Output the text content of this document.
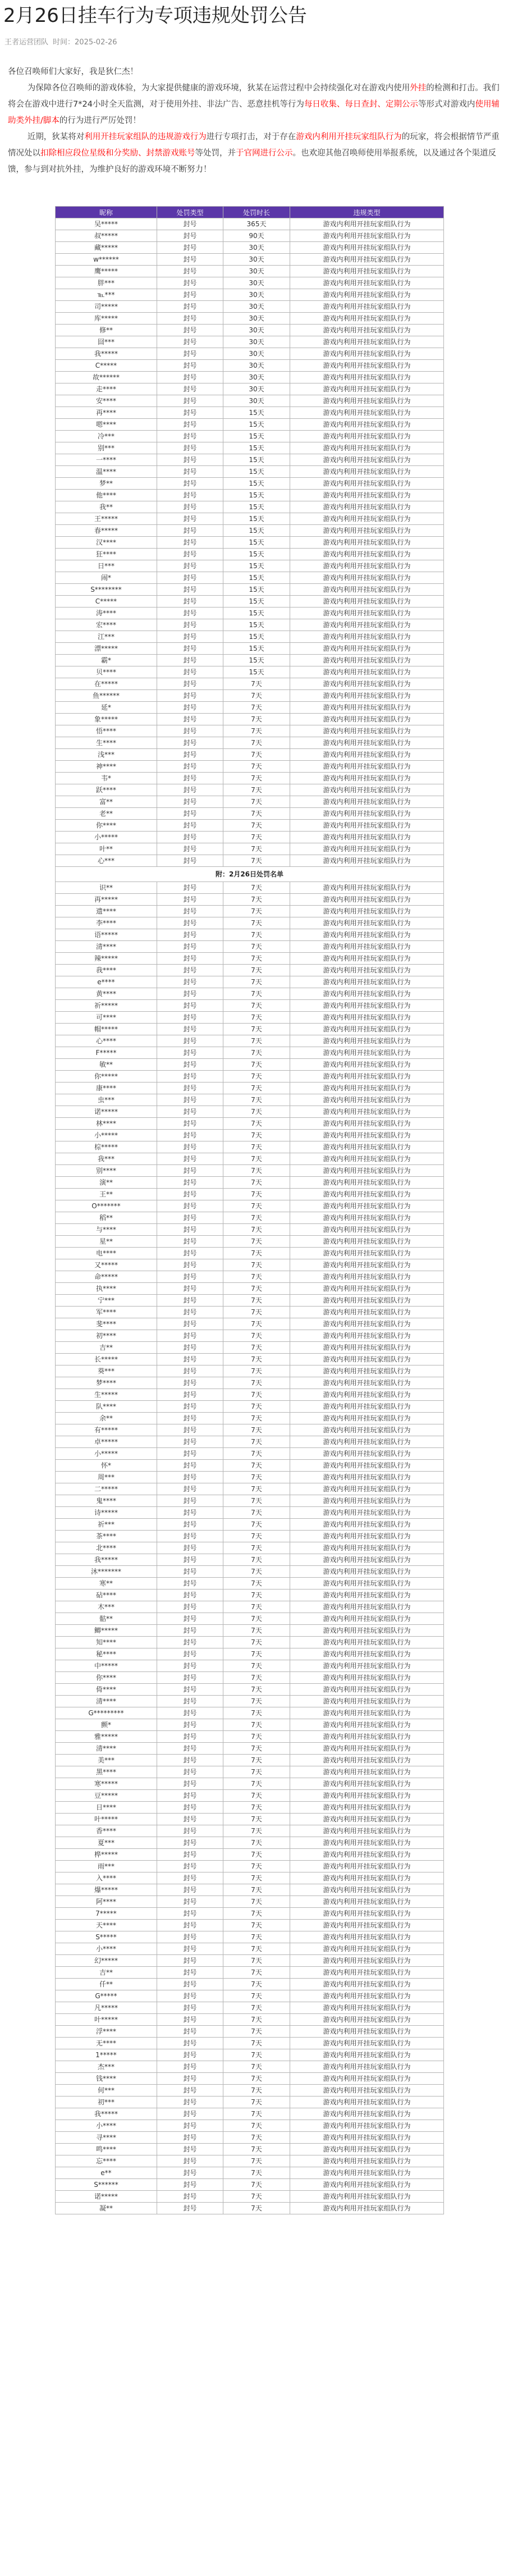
2月26日挂车行为专项违规处罚公告
王者运营团队 时间：2025-02-26

各位召唤师们大家好，我是狄仁杰！

为保障各位召唤师的游戏体验，为大家提供健康的游戏环境，狄某在运营过程中会持续强化对在游戏内使用外挂的检测和打击。我们将会在游戏中进行7*24小时全天监测，对于使用外挂、非法广告、恶意挂机等行为每日收集、每日查封、定期公示等形式对游戏内使用辅助类外挂/脚本的行为进行严厉处罚！

近期，狄某将对利用开挂玩家组队的违规游戏行为进行专项打击，对于存在游戏内利用开挂玩家组队行为的玩家，将会根据情节严重情况处以扣除相应段位星级和分奖励、封禁游戏账号等处罚，并于官网进行公示。也欢迎其他召唤师使用举报系统，以及通过各个渠道反馈，参与到对抗外挂，为维护良好的游戏环境不断努力！

昵称	处罚类型	处罚时长	违规类型
吴*****	封号	365天	游戏内利用开挂玩家组队行为
叔*****	封号	90天	游戏内利用开挂玩家组队行为
藏*****	封号	30天	游戏内利用开挂玩家组队行为
w******	封号	30天	游戏内利用开挂玩家组队行为
鹰*****	封号	30天	游戏内利用开挂玩家组队行为
胖***	封号	30天	游戏内利用开挂玩家组队行为
℡***	封号	30天	游戏内利用开挂玩家组队行为
司*****	封号	30天	游戏内利用开挂玩家组队行为
库*****	封号	30天	游戏内利用开挂玩家组队行为
修**	封号	30天	游戏内利用开挂玩家组队行为
囧***	封号	30天	游戏内利用开挂玩家组队行为
我*****	封号	30天	游戏内利用开挂玩家组队行为
C*****	封号	30天	游戏内利用开挂玩家组队行为
故******	封号	30天	游戏内利用开挂玩家组队行为
走****	封号	30天	游戏内利用开挂玩家组队行为
安****	封号	30天	游戏内利用开挂玩家组队行为
再****	封号	15天	游戏内利用开挂玩家组队行为
嗯****	封号	15天	游戏内利用开挂玩家组队行为
冷***	封号	15天	游戏内利用开挂玩家组队行为
别***	封号	15天	游戏内利用开挂玩家组队行为
一****	封号	15天	游戏内利用开挂玩家组队行为
温****	封号	15天	游戏内利用开挂玩家组队行为
梦**	封号	15天	游戏内利用开挂玩家组队行为
他****	封号	15天	游戏内利用开挂玩家组队行为
我**	封号	15天	游戏内利用开挂玩家组队行为
王*****	封号	15天	游戏内利用开挂玩家组队行为
春*****	封号	15天	游戏内利用开挂玩家组队行为
汉****	封号	15天	游戏内利用开挂玩家组队行为
狂****	封号	15天	游戏内利用开挂玩家组队行为
日***	封号	15天	游戏内利用开挂玩家组队行为
闹*	封号	15天	游戏内利用开挂玩家组队行为
S********	封号	15天	游戏内利用开挂玩家组队行为
C*****	封号	15天	游戏内利用开挂玩家组队行为
涛****	封号	15天	游戏内利用开挂玩家组队行为
宏****	封号	15天	游戏内利用开挂玩家组队行为
江***	封号	15天	游戏内利用开挂玩家组队行为
漂*****	封号	15天	游戏内利用开挂玩家组队行为
霸*	封号	15天	游戏内利用开挂玩家组队行为
贝****	封号	15天	游戏内利用开挂玩家组队行为
在*****	封号	7天	游戏内利用开挂玩家组队行为
鱼******	封号	7天	游戏内利用开挂玩家组队行为
延*	封号	7天	游戏内利用开挂玩家组队行为
象*****	封号	7天	游戏内利用开挂玩家组队行为
悟****	封号	7天	游戏内利用开挂玩家组队行为
生****	封号	7天	游戏内利用开挂玩家组队行为
浅***	封号	7天	游戏内利用开挂玩家组队行为
神****	封号	7天	游戏内利用开挂玩家组队行为
韦*	封号	7天	游戏内利用开挂玩家组队行为
跃****	封号	7天	游戏内利用开挂玩家组队行为
富**	封号	7天	游戏内利用开挂玩家组队行为
老**	封号	7天	游戏内利用开挂玩家组队行为
你****	封号	7天	游戏内利用开挂玩家组队行为
小*****	封号	7天	游戏内利用开挂玩家组队行为
叶**	封号	7天	游戏内利用开挂玩家组队行为
心***	封号	7天	游戏内利用开挂玩家组队行为
附：2月26日处罚名单			
识**	封号	7天	游戏内利用开挂玩家组队行为
再*****	封号	7天	游戏内利用开挂玩家组队行为
遗****	封号	7天	游戏内利用开挂玩家组队行为
李****	封号	7天	游戏内利用开挂玩家组队行为
语*****	封号	7天	游戏内利用开挂玩家组队行为
清****	封号	7天	游戏内利用开挂玩家组队行为
辣*****	封号	7天	游戏内利用开挂玩家组队行为
我****	封号	7天	游戏内利用开挂玩家组队行为
e****	封号	7天	游戏内利用开挂玩家组队行为
黄****	封号	7天	游戏内利用开挂玩家组队行为
祈*****	封号	7天	游戏内利用开挂玩家组队行为
可****	封号	7天	游戏内利用开挂玩家组队行为
帽*****	封号	7天	游戏内利用开挂玩家组队行为
心****	封号	7天	游戏内利用开挂玩家组队行为
F*****	封号	7天	游戏内利用开挂玩家组队行为
敏**	封号	7天	游戏内利用开挂玩家组队行为
你*****	封号	7天	游戏内利用开挂玩家组队行为
康****	封号	7天	游戏内利用开挂玩家组队行为
虫***	封号	7天	游戏内利用开挂玩家组队行为
诺*****	封号	7天	游戏内利用开挂玩家组队行为
林****	封号	7天	游戏内利用开挂玩家组队行为
小*****	封号	7天	游戏内利用开挂玩家组队行为
棕*****	封号	7天	游戏内利用开挂玩家组队行为
我***	封号	7天	游戏内利用开挂玩家组队行为
别****	封号	7天	游戏内利用开挂玩家组队行为
演**	封号	7天	游戏内利用开挂玩家组队行为
王**	封号	7天	游戏内利用开挂玩家组队行为
O*******	封号	7天	游戏内利用开挂玩家组队行为
稻**	封号	7天	游戏内利用开挂玩家组队行为
与****	封号	7天	游戏内利用开挂玩家组队行为
星**	封号	7天	游戏内利用开挂玩家组队行为
电****	封号	7天	游戏内利用开挂玩家组队行为
又*****	封号	7天	游戏内利用开挂玩家组队行为
命*****	封号	7天	游戏内利用开挂玩家组队行为
执****	封号	7天	游戏内利用开挂玩家组队行为
宁***	封号	7天	游戏内利用开挂玩家组队行为
军****	封号	7天	游戏内利用开挂玩家组队行为
斐****	封号	7天	游戏内利用开挂玩家组队行为
初****	封号	7天	游戏内利用开挂玩家组队行为
吉**	封号	7天	游戏内利用开挂玩家组队行为
长*****	封号	7天	游戏内利用开挂玩家组队行为
葵***	封号	7天	游戏内利用开挂玩家组队行为
梦****	封号	7天	游戏内利用开挂玩家组队行为
生*****	封号	7天	游戏内利用开挂玩家组队行为
队****	封号	7天	游戏内利用开挂玩家组队行为
余**	封号	7天	游戏内利用开挂玩家组队行为
有*****	封号	7天	游戏内利用开挂玩家组队行为
卓*****	封号	7天	游戏内利用开挂玩家组队行为
小*****	封号	7天	游戏内利用开挂玩家组队行为
怀*	封号	7天	游戏内利用开挂玩家组队行为
周***	封号	7天	游戏内利用开挂玩家组队行为
二*****	封号	7天	游戏内利用开挂玩家组队行为
鬼****	封号	7天	游戏内利用开挂玩家组队行为
诗*****	封号	7天	游戏内利用开挂玩家组队行为
祈***	封号	7天	游戏内利用开挂玩家组队行为
茶****	封号	7天	游戏内利用开挂玩家组队行为
北****	封号	7天	游戏内利用开挂玩家组队行为
我*****	封号	7天	游戏内利用开挂玩家组队行为
沐*******	封号	7天	游戏内利用开挂玩家组队行为
寒**	封号	7天	游戏内利用开挂玩家组队行为
砧****	封号	7天	游戏内利用开挂玩家组队行为
木***	封号	7天	游戏内利用开挂玩家组队行为
骷**	封号	7天	游戏内利用开挂玩家组队行为
鲫*****	封号	7天	游戏内利用开挂玩家组队行为
知****	封号	7天	游戏内利用开挂玩家组队行为
秘****	封号	7天	游戏内利用开挂玩家组队行为
中*****	封号	7天	游戏内利用开挂玩家组队行为
你****	封号	7天	游戏内利用开挂玩家组队行为
倚****	封号	7天	游戏内利用开挂玩家组队行为
清****	封号	7天	游戏内利用开挂玩家组队行为
G*********	封号	7天	游戏内利用开挂玩家组队行为
颤*	封号	7天	游戏内利用开挂玩家组队行为
雅*****	封号	7天	游戏内利用开挂玩家组队行为
清****	封号	7天	游戏内利用开挂玩家组队行为
美***	封号	7天	游戏内利用开挂玩家组队行为
黑****	封号	7天	游戏内利用开挂玩家组队行为
寒*****	封号	7天	游戏内利用开挂玩家组队行为
豆*****	封号	7天	游戏内利用开挂玩家组队行为
日****	封号	7天	游戏内利用开挂玩家组队行为
叶*****	封号	7天	游戏内利用开挂玩家组队行为
香****	封号	7天	游戏内利用开挂玩家组队行为
夏***	封号	7天	游戏内利用开挂玩家组队行为
桦*****	封号	7天	游戏内利用开挂玩家组队行为
雨***	封号	7天	游戏内利用开挂玩家组队行为
入****	封号	7天	游戏内利用开挂玩家组队行为
爆*****	封号	7天	游戏内利用开挂玩家组队行为
阿****	封号	7天	游戏内利用开挂玩家组队行为
7*****	封号	7天	游戏内利用开挂玩家组队行为
天****	封号	7天	游戏内利用开挂玩家组队行为
S*****	封号	7天	游戏内利用开挂玩家组队行为
小****	封号	7天	游戏内利用开挂玩家组队行为
幻*****	封号	7天	游戏内利用开挂玩家组队行为
吉**	封号	7天	游戏内利用开挂玩家组队行为
仟**	封号	7天	游戏内利用开挂玩家组队行为
G*****	封号	7天	游戏内利用开挂玩家组队行为
凡*****	封号	7天	游戏内利用开挂玩家组队行为
叶*****	封号	7天	游戏内利用开挂玩家组队行为
浮****	封号	7天	游戏内利用开挂玩家组队行为
无****	封号	7天	游戏内利用开挂玩家组队行为
1*****	封号	7天	游戏内利用开挂玩家组队行为
杰***	封号	7天	游戏内利用开挂玩家组队行为
钱****	封号	7天	游戏内利用开挂玩家组队行为
何***	封号	7天	游戏内利用开挂玩家组队行为
初***	封号	7天	游戏内利用开挂玩家组队行为
我*****	封号	7天	游戏内利用开挂玩家组队行为
小****	封号	7天	游戏内利用开挂玩家组队行为
寻****	封号	7天	游戏内利用开挂玩家组队行为
鸣****	封号	7天	游戏内利用开挂玩家组队行为
忘****	封号	7天	游戏内利用开挂玩家组队行为
e**	封号	7天	游戏内利用开挂玩家组队行为
S******	封号	7天	游戏内利用开挂玩家组队行为
诺*****	封号	7天	游戏内利用开挂玩家组队行为
凝**	封号	7天	游戏内利用开挂玩家组队行为
